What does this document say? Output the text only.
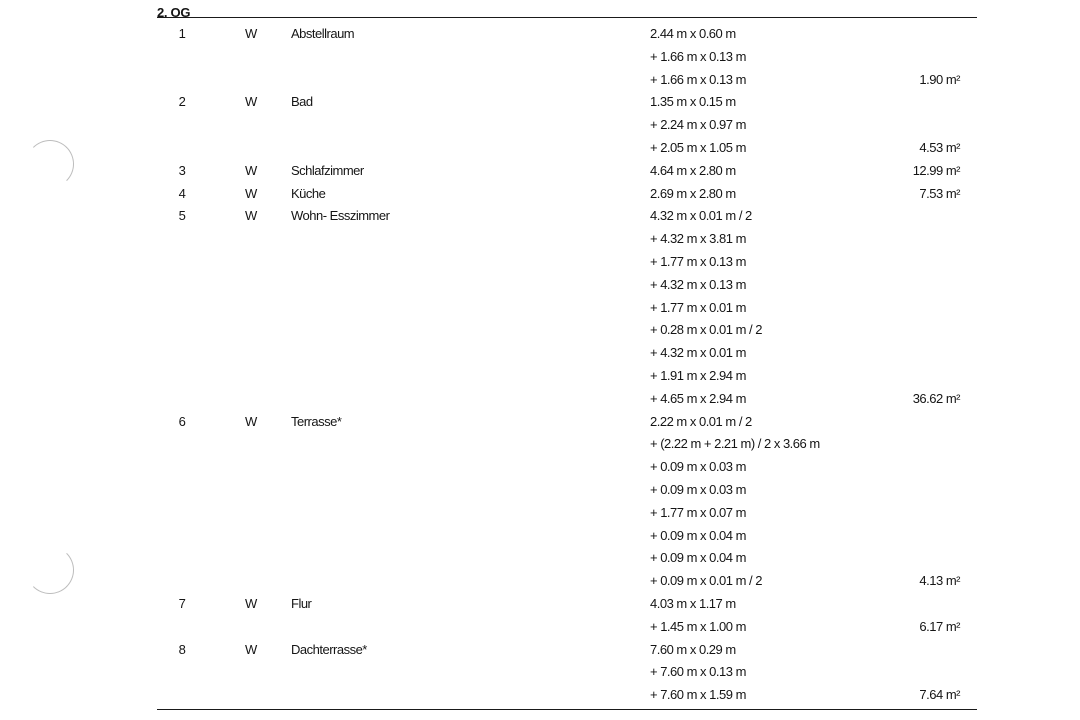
2. OG
1	W	Abstellraum	2.44 m x 0.60 m
+ 1.66 m x 0.13 m
+ 1.66 m x 0.13 m	1.90 m²
2	W	Bad	1.35 m x 0.15 m
+ 2.24 m x 0.97 m
+ 2.05 m x 1.05 m	4.53 m²
3	W	Schlafzimmer	4.64 m x 2.80 m	12.99 m²
4	W	Küche	2.69 m x 2.80 m	7.53 m²
5	W	Wohn- Esszimmer	4.32 m x 0.01 m / 2
+ 4.32 m x 3.81 m
+ 1.77 m x 0.13 m
+ 4.32 m x 0.13 m
+ 1.77 m x 0.01 m
+ 0.28 m x 0.01 m / 2
+ 4.32 m x 0.01 m
+ 1.91 m x 2.94 m
+ 4.65 m x 2.94 m	36.62 m²
6	W	Terrasse*	2.22 m x 0.01 m / 2
+ (2.22 m + 2.21 m) / 2 x 3.66 m
+ 0.09 m x 0.03 m
+ 0.09 m x 0.03 m
+ 1.77 m x 0.07 m
+ 0.09 m x 0.04 m
+ 0.09 m x 0.04 m
+ 0.09 m x 0.01 m / 2	4.13 m²
7	W	Flur	4.03 m x 1.17 m
+ 1.45 m x 1.00 m	6.17 m²
8	W	Dachterrasse*	7.60 m x 0.29 m
+ 7.60 m x 0.13 m
+ 7.60 m x 1.59 m	7.64 m²
